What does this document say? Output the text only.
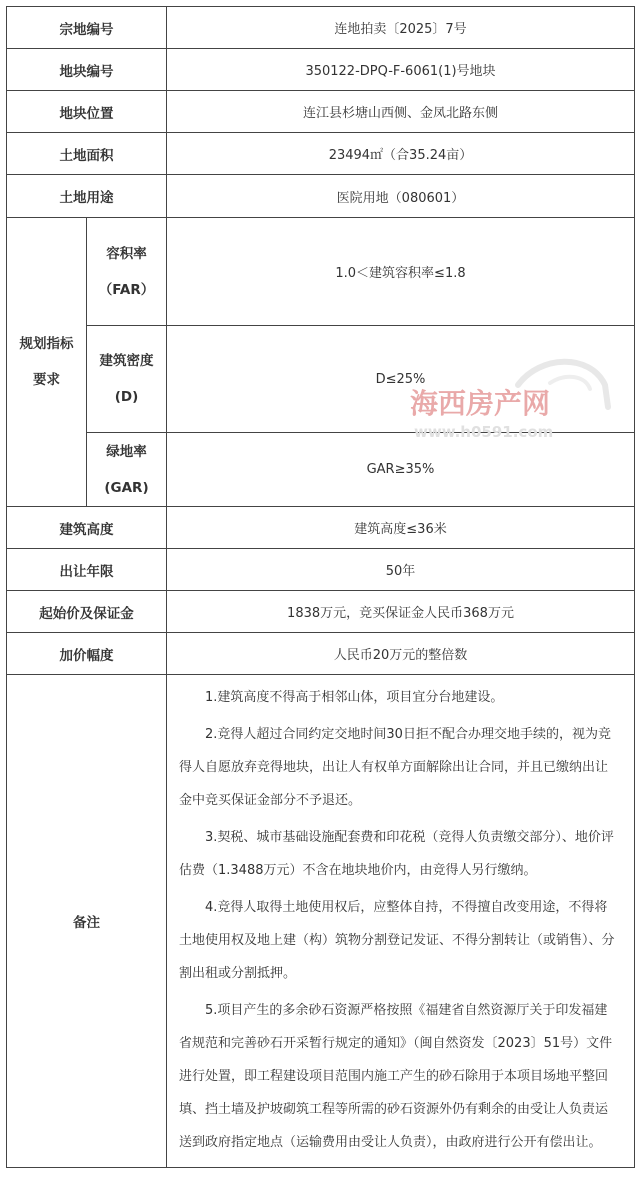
宗地编号		连地拍卖〔2025〕7号
地块编号		350122-DPQ-F-6061(1)号地块
地块位置		连江县杉塘山西侧、金凤北路东侧
土地面积		23494㎡（合35.24亩）
土地用途		医院用地（080601）
规划指标要求	容积率（FAR）	1.0＜建筑容积率≤1.8
	建筑密度(D)	D≤25%
	绿地率(GAR)	GAR≥35%
建筑高度		建筑高度≤36米
出让年限		50年
起始价及保证金		1838万元，竞买保证金人民币368万元
加价幅度		人民币20万元的整倍数
备注		1.建筑高度不得高于相邻山体，项目宜分台地建设。

2.竞得人超过合同约定交地时间30日拒不配合办理交地手续的，视为竞得人自愿放弃竞得地块，出让人有权单方面解除出让合同，并且已缴纳出让金中竞买保证金部分不予退还。

3.契税、城市基础设施配套费和印花税（竞得人负责缴交部分）、地价评估费（1.3488万元）不含在地块地价内，由竞得人另行缴纳。

4.竞得人取得土地使用权后，应整体自持，不得擅自改变用途，不得将土地使用权及地上建（构）筑物分割登记发证、不得分割转让（或销售）、分割出租或分割抵押。

5.项目产生的多余砂石资源严格按照《福建省自然资源厅关于印发福建省规范和完善砂石开采暂行规定的通知》（闽自然资发〔2023〕51号）文件进行处置，即工程建设项目范围内施工产生的砂石除用于本项目场地平整回填、挡土墙及护坡砌筑工程等所需的砂石资源外仍有剩余的由受让人负责运送到政府指定地点（运输费用由受让人负责），由政府进行公开有偿出让。

海西房产网
www.h0591.com
